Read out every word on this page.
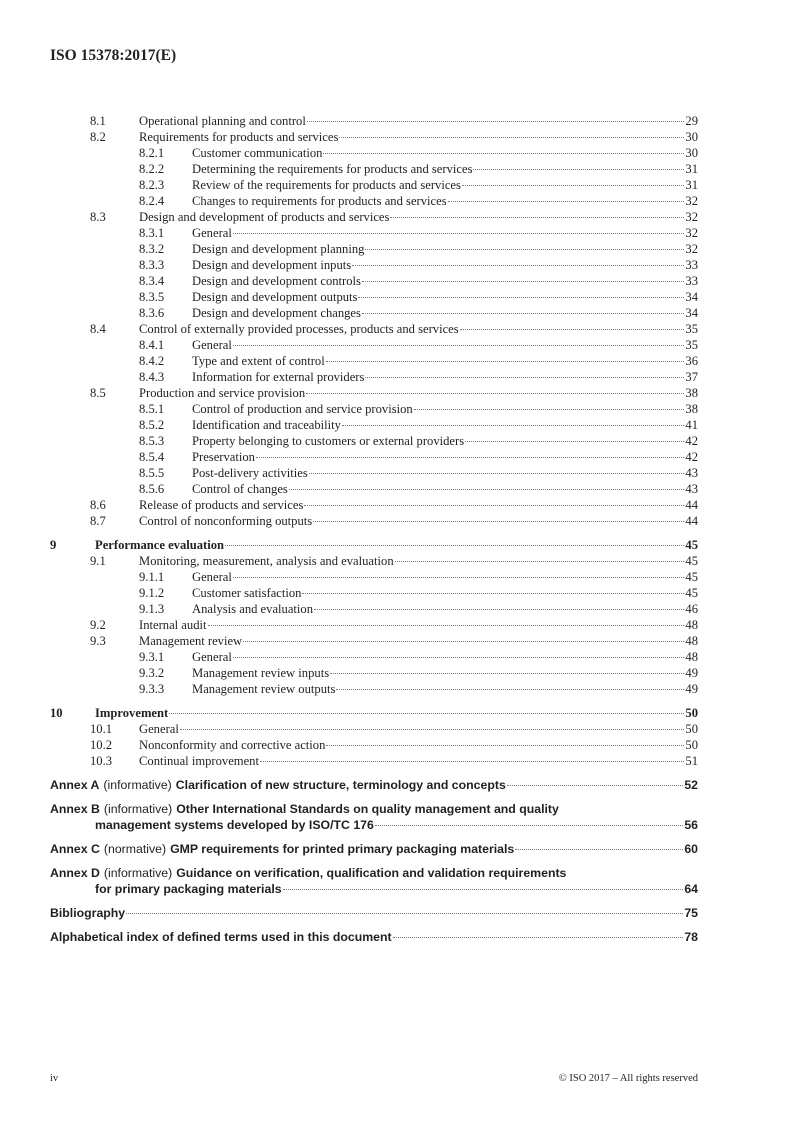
ISO 15378:2017(E)
8.1	Operational planning and control	29
8.2	Requirements for products and services	30
8.2.1	Customer communication	30
8.2.2	Determining the requirements for products and services	31
8.2.3	Review of the requirements for products and services	31
8.2.4	Changes to requirements for products and services	32
8.3	Design and development of products and services	32
8.3.1	General	32
8.3.2	Design and development planning	32
8.3.3	Design and development inputs	33
8.3.4	Design and development controls	33
8.3.5	Design and development outputs	34
8.3.6	Design and development changes	34
8.4	Control of externally provided processes, products and services	35
8.4.1	General	35
8.4.2	Type and extent of control	36
8.4.3	Information for external providers	37
8.5	Production and service provision	38
8.5.1	Control of production and service provision	38
8.5.2	Identification and traceability	41
8.5.3	Property belonging to customers or external providers	42
8.5.4	Preservation	42
8.5.5	Post-delivery activities	43
8.5.6	Control of changes	43
8.6	Release of products and services	44
8.7	Control of nonconforming outputs	44
9	Performance evaluation	45
9.1	Monitoring, measurement, analysis and evaluation	45
9.1.1	General	45
9.1.2	Customer satisfaction	45
9.1.3	Analysis and evaluation	46
9.2	Internal audit	48
9.3	Management review	48
9.3.1	General	48
9.3.2	Management review inputs	49
9.3.3	Management review outputs	49
10	Improvement	50
10.1	General	50
10.2	Nonconformity and corrective action	50
10.3	Continual improvement	51
Annex A (informative) Clarification of new structure, terminology and concepts	52
Annex B (informative) Other International Standards on quality management and quality
management systems developed by ISO/TC 176	56
Annex C (normative) GMP requirements for printed primary packaging materials	60
Annex D (informative) Guidance on verification, qualification and validation requirements
for primary packaging materials	64
Bibliography	75
Alphabetical index of defined terms used in this document	78
iv	© ISO 2017 – All rights reserved
